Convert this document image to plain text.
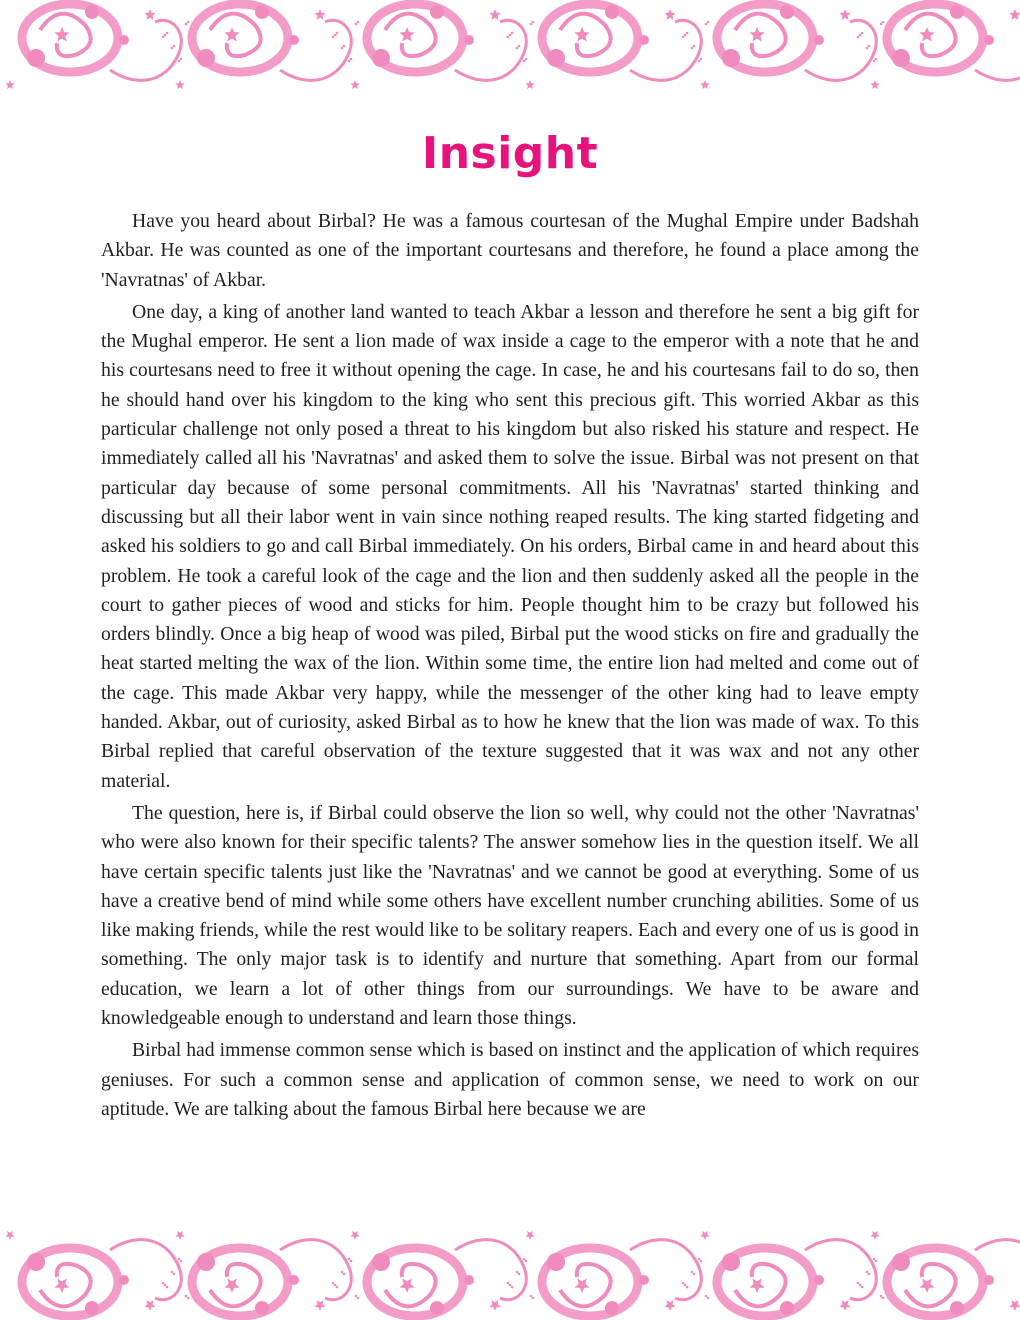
Insight

Have you heard about Birbal? He was a famous courtesan of the Mughal Empire under Badshah Akbar. He was counted as one of the important courtesans and therefore, he found a place among the 'Navratnas' of Akbar.

One day, a king of another land wanted to teach Akbar a lesson and therefore he sent a big gift for the Mughal emperor. He sent a lion made of wax inside a cage to the emperor with a note that he and his courtesans need to free it without opening the cage. In case, he and his courtesans fail to do so, then he should hand over his kingdom to the king who sent this precious gift. This worried Akbar as this particular challenge not only posed a threat to his kingdom but also risked his stature and respect. He immediately called all his 'Navratnas' and asked them to solve the issue. Birbal was not present on that particular day because of some personal commitments. All his 'Navratnas' started thinking and discussing but all their labor went in vain since nothing reaped results. The king started fidgeting and asked his soldiers to go and call Birbal immediately. On his orders, Birbal came in and heard about this problem. He took a careful look of the cage and the lion and then suddenly asked all the people in the court to gather pieces of wood and sticks for him. People thought him to be crazy but followed his orders blindly. Once a big heap of wood was piled, Birbal put the wood sticks on fire and gradually the heat started melting the wax of the lion. Within some time, the entire lion had melted and come out of the cage. This made Akbar very happy, while the messenger of the other king had to leave empty handed. Akbar, out of curiosity, asked Birbal as to how he knew that the lion was made of wax. To this Birbal replied that careful observation of the texture suggested that it was wax and not any other material.

The question, here is, if Birbal could observe the lion so well, why could not the other 'Navratnas' who were also known for their specific talents? The answer somehow lies in the question itself. We all have certain specific talents just like the 'Navratnas' and we cannot be good at everything. Some of us have a creative bend of mind while some others have excellent number crunching abilities. Some of us like making friends, while the rest would like to be solitary reapers. Each and every one of us is good in something. The only major task is to identify and nurture that something. Apart from our formal education, we learn a lot of other things from our surroundings. We have to be aware and knowledgeable enough to understand and learn those things.

Birbal had immense common sense which is based on instinct and the application of which requires geniuses. For such a common sense and application of common sense, we need to work on our aptitude. We are talking about the famous Birbal here because we are
